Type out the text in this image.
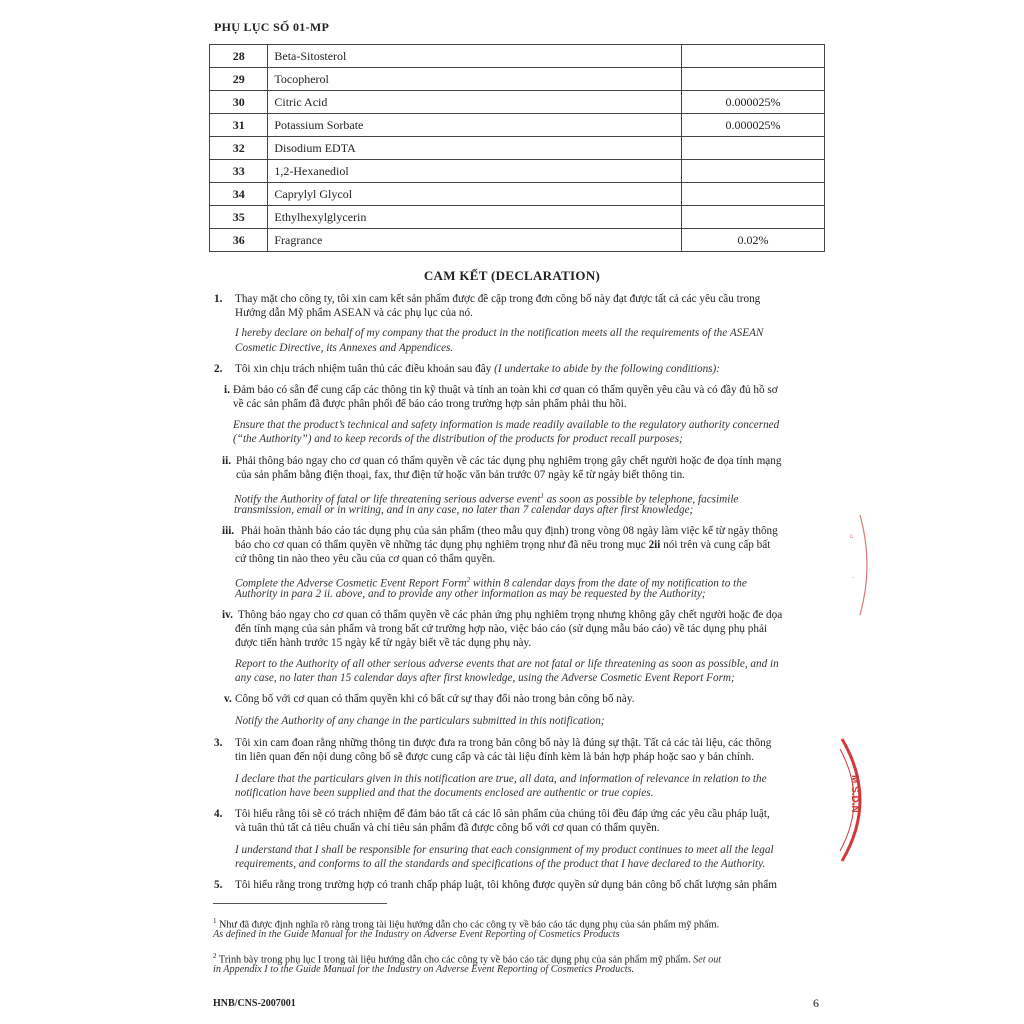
PHỤ LỤC SỐ 01-MP
28	Beta-Sitosterol	
29	Tocopherol	
30	Citric Acid	0.000025%
31	Potassium Sorbate	0.000025%
32	Disodium EDTA	
33	1,2-Hexanediol	
34	Caprylyl Glycol	
35	Ethylhexylglycerin	
36	Fragrance	0.02%
CAM KẾT (DECLARATION)
1. Thay mặt cho công ty, tôi xin cam kết sản phẩm được đề cập trong đơn công bố này đạt được tất cả các yêu cầu trong
Hướng dẫn Mỹ phẩm ASEAN và các phụ lục của nó.
I hereby declare on behalf of my company that the product in the notification meets all the requirements of the ASEAN
Cosmetic Directive, its Annexes and Appendices.
2. Tôi xin chịu trách nhiệm tuân thủ các điều khoản sau đây (I undertake to abide by the following conditions):
i. Đảm bảo có sẵn để cung cấp các thông tin kỹ thuật và tính an toàn khi cơ quan có thẩm quyền yêu cầu và có đầy đủ hồ sơ
về các sản phẩm đã được phân phối để báo cáo trong trường hợp sản phẩm phải thu hồi.
Ensure that the product’s technical and safety information is made readily available to the regulatory authority concerned
(“the Authority”) and to keep records of the distribution of the products for product recall purposes;
ii. Phải thông báo ngay cho cơ quan có thẩm quyền về các tác dụng phụ nghiêm trọng gây chết người hoặc đe dọa tính mạng
của sản phẩm bằng điện thoại, fax, thư điện tử hoặc văn bản trước 07 ngày kể từ ngày biết thông tin.
Notify the Authority of fatal or life threatening serious adverse event$^1$ as soon as possible by telephone, facsimile
transmission, email or in writing, and in any case, no later than 7 calendar days after first knowledge;
iii. Phải hoàn thành báo cáo tác dụng phụ của sản phẩm (theo mẫu quy định) trong vòng 08 ngày làm việc kể từ ngày thông
báo cho cơ quan có thẩm quyền về những tác dụng phụ nghiêm trọng như đã nêu trong mục 2ii nói trên và cung cấp bất
cứ thông tin nào theo yêu cầu của cơ quan có thẩm quyền.
Complete the Adverse Cosmetic Event Report Form$^2$ within 8 calendar days from the date of my notification to the
Authority in para 2 ii. above, and to provide any other information as may be requested by the Authority;
iv. Thông báo ngay cho cơ quan có thẩm quyền về các phản ứng phụ nghiêm trọng nhưng không gây chết người hoặc đe dọa
đến tính mạng của sản phẩm và trong bất cứ trường hợp nào, việc báo cáo (sử dụng mẫu báo cáo) về tác dụng phụ phải
được tiến hành trước 15 ngày kể từ ngày biết về tác dụng phụ này.
Report to the Authority of all other serious adverse events that are not fatal or life threatening as soon as possible, and in
any case, no later than 15 calendar days after first knowledge, using the Adverse Cosmetic Event Report Form;
v. Công bố với cơ quan có thẩm quyền khi có bất cứ sự thay đổi nào trong bản công bố này.
Notify the Authority of any change in the particulars submitted in this notification;
3. Tôi xin cam đoan rằng những thông tin được đưa ra trong bản công bố này là đúng sự thật. Tất cả các tài liệu, các thông
tin liên quan đến nội dung công bố sẽ được cung cấp và các tài liệu đính kèm là bản hợp pháp hoặc sao y bản chính.
I declare that the particulars given in this notification are true, all data, and information of relevance in relation to the
notification have been supplied and that the documents enclosed are authentic or true copies.
4. Tôi hiểu rằng tôi sẽ có trách nhiệm để đảm bảo tất cả các lô sản phẩm của chúng tôi đều đáp ứng các yêu cầu pháp luật,
và tuân thủ tất cả tiêu chuẩn và chỉ tiêu sản phẩm đã được công bố với cơ quan có thẩm quyền.
I understand that I shall be responsible for ensuring that each consignment of my product continues to meet all the legal
requirements, and conforms to all the standards and specifications of the product that I have declared to the Authority.
5. Tôi hiểu rằng trong trường hợp có tranh chấp pháp luật, tôi không được quyền sử dụng bản công bố chất lượng sản phẩm
$^1$ Như đã được định nghĩa rõ ràng trong tài liệu hướng dẫn cho các công ty về báo cáo tác dụng phụ của sản phẩm mỹ phẩm.
As defined in the Guide Manual for the Industry on Adverse Event Reporting of Cosmetics Products
$^2$ Trình bày trong phụ lục I trong tài liệu hướng dẫn cho các công ty về báo cáo tác dụng phụ của sản phẩm mỹ phẩm. Set out
in Appendix I to the Guide Manual for the Industry on Adverse Event Reporting of Cosmetics Products.
HNB/CNS-2007001	6
ᶜ
·
M.S.D.N
